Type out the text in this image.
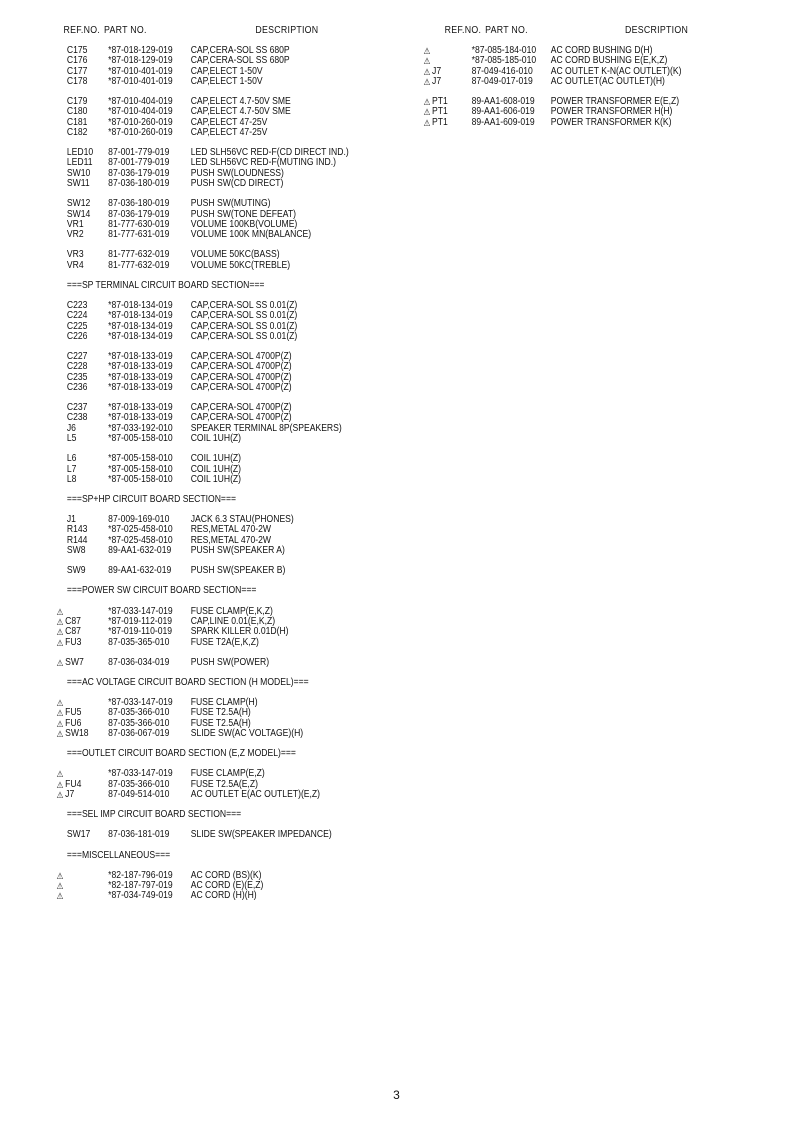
REF.NO. PART NO.	DESCRIPTION
C175 *87-018-129-019 CAP,CERA-SOL SS 680P
C176 *87-018-129-019 CAP,CERA-SOL SS 680P
C177 *87-010-401-019 CAP,ELECT 1-50V
C178 *87-010-401-019 CAP,ELECT 1-50V
C179 *87-010-404-019 CAP,ELECT 4.7-50V SME
C180 *87-010-404-019 CAP,ELECT 4.7-50V SME
C181 *87-010-260-019 CAP,ELECT 47-25V
C182 *87-010-260-019 CAP,ELECT 47-25V
LED10 87-001-779-019 LED SLH56VC RED-F(CD DIRECT IND.)
LED11 87-001-779-019 LED SLH56VC RED-F(MUTING IND.)
SW10 87-036-179-019 PUSH SW(LOUDNESS)
SW11 87-036-180-019 PUSH SW(CD DIRECT)
SW12 87-036-180-019 PUSH SW(MUTING)
SW14 87-036-179-019 PUSH SW(TONE DEFEAT)
VR1 81-777-630-019 VOLUME 100KB(VOLUME)
VR2 81-777-631-019 VOLUME 100K MN(BALANCE)
VR3 81-777-632-019 VOLUME 50KC(BASS)
VR4 81-777-632-019 VOLUME 50KC(TREBLE)
===SP TERMINAL CIRCUIT BOARD SECTION===
C223 *87-018-134-019 CAP,CERA-SOL SS 0.01(Z)
C224 *87-018-134-019 CAP,CERA-SOL SS 0.01(Z)
C225 *87-018-134-019 CAP,CERA-SOL SS 0.01(Z)
C226 *87-018-134-019 CAP,CERA-SOL SS 0.01(Z)
C227 *87-018-133-019 CAP,CERA-SOL 4700P(Z)
C228 *87-018-133-019 CAP,CERA-SOL 4700P(Z)
C235 *87-018-133-019 CAP,CERA-SOL 4700P(Z)
C236 *87-018-133-019 CAP,CERA-SOL 4700P(Z)
C237 *87-018-133-019 CAP,CERA-SOL 4700P(Z)
C238 *87-018-133-019 CAP,CERA-SOL 4700P(Z)
J6	*87-033-192-010 SPEAKER TERMINAL 8P(SPEAKERS)
L5	*87-005-158-010 COIL 1UH(Z)
L6	*87-005-158-010 COIL 1UH(Z)
L7	*87-005-158-010 COIL 1UH(Z)
L8	*87-005-158-010 COIL 1UH(Z)
===SP+HP CIRCUIT BOARD SECTION===
J1	87-009-169-010 JACK 6.3 STAU(PHONES)
R143 *87-025-458-010 RES,METAL 470-2W
R144 *87-025-458-010 RES,METAL 470-2W
SW8 89-AA1-632-019 PUSH SW(SPEAKER A)
SW9 89-AA1-632-019 PUSH SW(SPEAKER B)
===POWER SW CIRCUIT BOARD SECTION===
⚠	*87-033-147-019 FUSE CLAMP(E,K,Z)
⚠ C87	*87-019-112-019 CAP,LINE 0.01(E,K,Z)
⚠ C87	*87-019-110-019 SPARK KILLER 0.01D(H)
⚠ FU3	87-035-365-010 FUSE T2A(E,K,Z)
⚠ SW7 87-036-034-019 PUSH SW(POWER)
===AC VOLTAGE CIRCUIT BOARD SECTION (H MODEL)===
⚠	*87-033-147-019 FUSE CLAMP(H)
⚠ FU5	87-035-366-010 FUSE T2.5A(H)
⚠ FU6	87-035-366-010 FUSE T2.5A(H)
⚠ SW18 87-036-067-019 SLIDE SW(AC VOLTAGE)(H)
===OUTLET CIRCUIT BOARD SECTION (E,Z MODEL)===
⚠	*87-033-147-019 FUSE CLAMP(E,Z)
⚠ FU4	87-035-366-010 FUSE T2.5A(E,Z)
⚠ J7	87-049-514-010 AC OUTLET E(AC OUTLET)(E,Z)
===SEL IMP CIRCUIT BOARD SECTION===
SW17 87-036-181-019 SLIDE SW(SPEAKER IMPEDANCE)
===MISCELLANEOUS===
⚠	*82-187-796-019 AC CORD (BS)(K)
⚠	*82-187-797-019 AC CORD (E)(E,Z)
⚠	*87-034-749-019 AC CORD (H)(H)
REF.NO. PART NO.	DESCRIPTION
⚠	*87-085-184-010 AC CORD BUSHING D(H)
⚠	*87-085-185-010 AC CORD BUSHING E(E,K,Z)
⚠ J7	87-049-416-010 AC OUTLET K-N(AC OUTLET)(K)
⚠ J7	87-049-017-019 AC OUTLET(AC OUTLET)(H)
⚠ PT1 89-AA1-608-019 POWER TRANSFORMER E(E,Z)
⚠ PT1 89-AA1-606-019 POWER TRANSFORMER H(H)
⚠ PT1 89-AA1-609-019 POWER TRANSFORMER K(K)
3
